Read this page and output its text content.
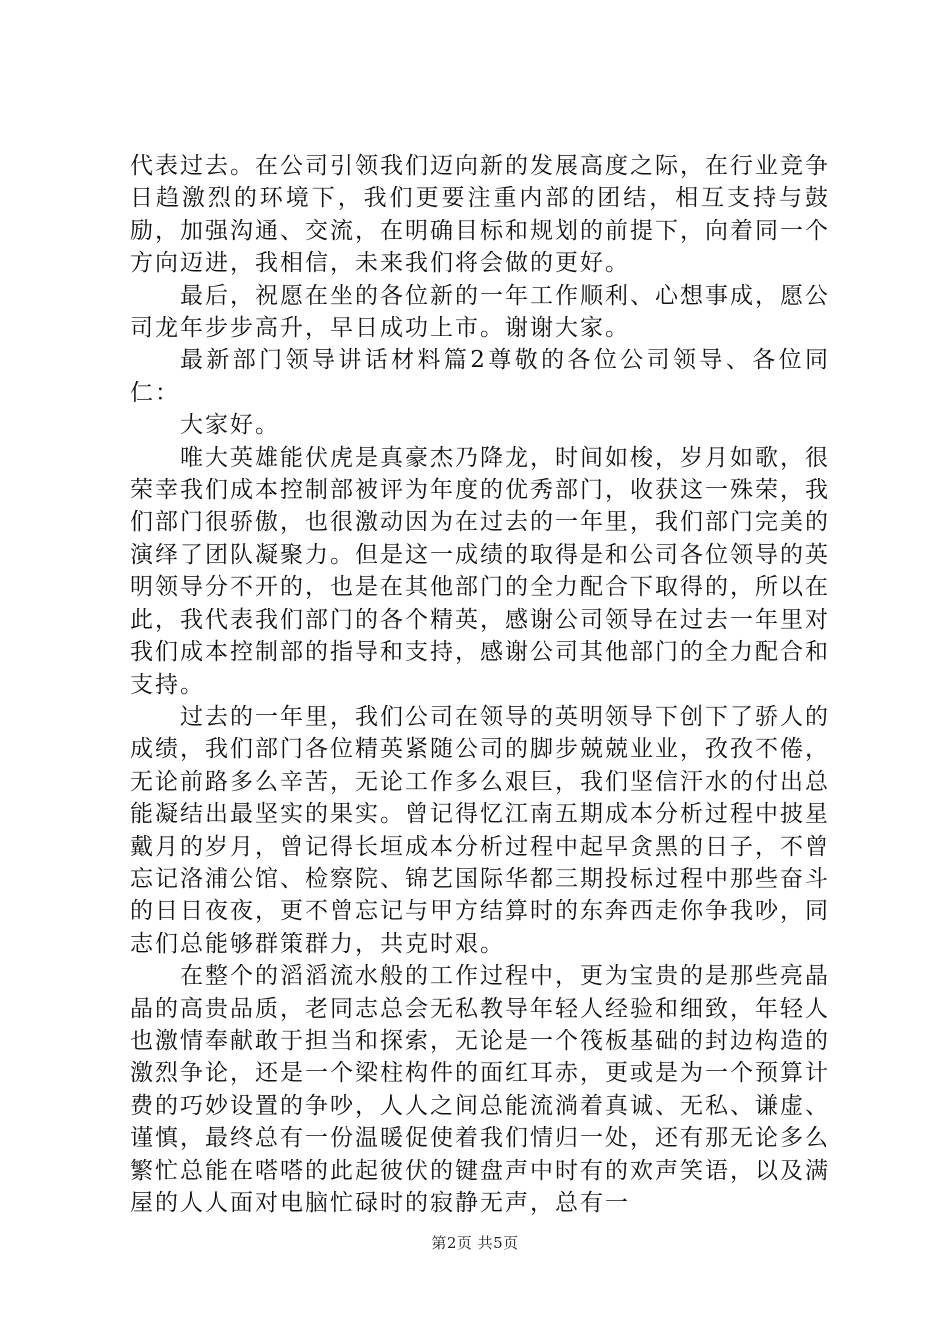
代表过去。在公司引领我们迈向新的发展高度之际，在行业竞争日趋激烈的环境下，我们更要注重内部的团结，相互支持与鼓励，加强沟通、交流，在明确目标和规划的前提下，向着同一个方向迈进，我相信，未来我们将会做的更好。

最后，祝愿在坐的各位新的一年工作顺利、心想事成，愿公司龙年步步高升，早日成功上市。谢谢大家。

最新部门领导讲话材料篇2尊敬的各位公司领导、各位同仁：

大家好。

唯大英雄能伏虎是真豪杰乃降龙，时间如梭，岁月如歌，很荣幸我们成本控制部被评为年度的优秀部门，收获这一殊荣，我们部门很骄傲，也很激动因为在过去的一年里，我们部门完美的演绎了团队凝聚力。但是这一成绩的取得是和公司各位领导的英明领导分不开的，也是在其他部门的全力配合下取得的，所以在此，我代表我们部门的各个精英，感谢公司领导在过去一年里对我们成本控制部的指导和支持，感谢公司其他部门的全力配合和支持。

过去的一年里，我们公司在领导的英明领导下创下了骄人的成绩，我们部门各位精英紧随公司的脚步兢兢业业，孜孜不倦，无论前路多么辛苦，无论工作多么艰巨，我们坚信汗水的付出总能凝结出最坚实的果实。曾记得忆江南五期成本分析过程中披星戴月的岁月，曾记得长垣成本分析过程中起早贪黑的日子，不曾忘记洛浦公馆、检察院、锦艺国际华都三期投标过程中那些奋斗的日日夜夜，更不曾忘记与甲方结算时的东奔西走你争我吵，同志们总能够群策群力，共克时艰。

在整个的滔滔流水般的工作过程中，更为宝贵的是那些亮晶晶的高贵品质，老同志总会无私教导年轻人经验和细致，年轻人也激情奉献敢于担当和探索，无论是一个筏板基础的封边构造的激烈争论，还是一个梁柱构件的面红耳赤，更或是为一个预算计费的巧妙设置的争吵，人人之间总能流淌着真诚、无私、谦虚、谨慎，最终总有一份温暖促使着我们情归一处，还有那无论多么繁忙总能在嗒嗒的此起彼伏的键盘声中时有的欢声笑语，以及满屋的人人面对电脑忙碌时的寂静无声，总有一

第2页 共5页
